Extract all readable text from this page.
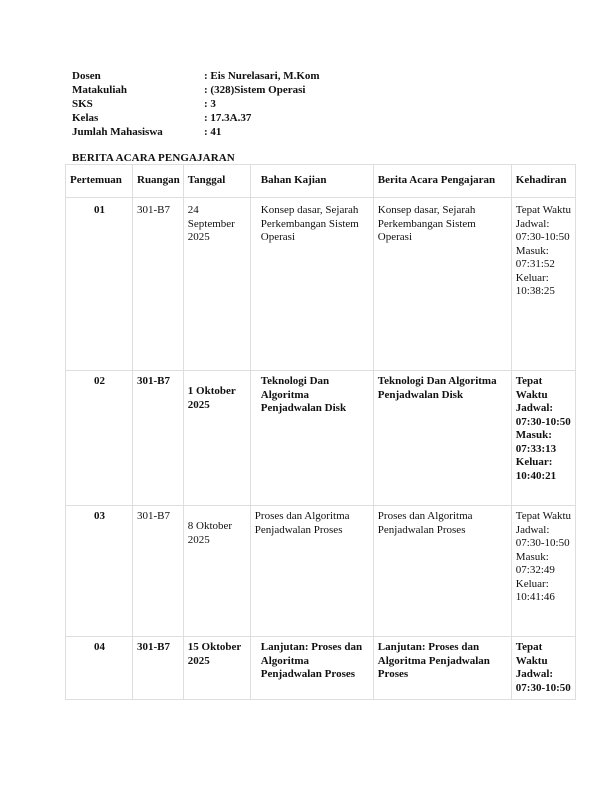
Dosen	: Eis Nurelasari, M.Kom
Matakuliah	: (328)Sistem Operasi
SKS	: 3
Kelas	: 17.3A.37
Jumlah Mahasiswa	: 41
BERITA ACARA PENGAJARAN
Pertemuan	Ruangan	Tanggal	Bahan Kajian	Berita Acara Pengajaran	Kehadiran
01	301-B7	24 September 2025	Konsep dasar, Sejarah Perkembangan Sistem Operasi	Konsep dasar, Sejarah Perkembangan Sistem Operasi	Tepat Waktu
Jadwal: 07:30-10:50
Masuk: 07:31:52
Keluar: 10:38:25

02	301-B7	1 Oktober 2025	Teknologi Dan Algoritma Penjadwalan Disk	Teknologi Dan Algoritma Penjadwalan Disk	Tepat Waktu
Jadwal: 07:30-10:50
Masuk: 07:33:13
Keluar: 10:40:21

03	301-B7	8 Oktober 2025	Proses dan Algoritma Penjadwalan Proses	Proses dan Algoritma Penjadwalan Proses	Tepat Waktu
Jadwal: 07:30-10:50
Masuk: 07:32:49
Keluar: 10:41:46

04	301-B7	15 Oktober 2025	Lanjutan: Proses dan Algoritma Penjadwalan Proses	Lanjutan: Proses dan Algoritma Penjadwalan Proses	Tepat Waktu
Jadwal: 07:30-10:50
